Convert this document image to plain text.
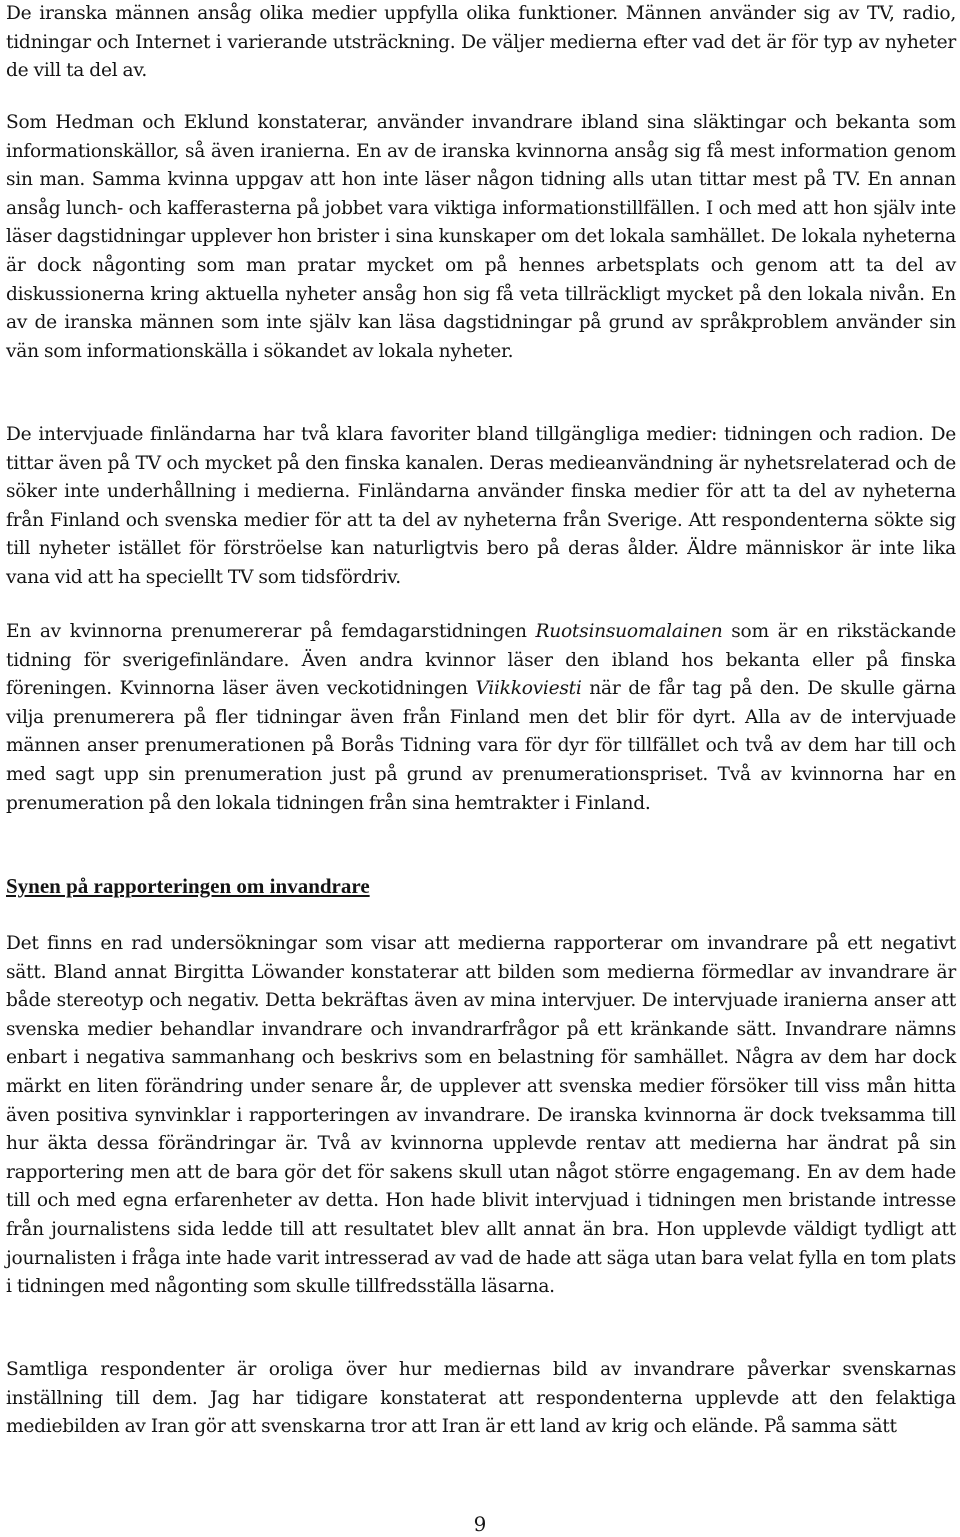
De iranska männen ansåg olika medier uppfylla olika funktioner. Männen använder sig av TV, radio, tidningar och Internet i varierande utsträckning. De väljer medierna efter vad det är för typ av nyheter de vill ta del av.

Som Hedman och Eklund konstaterar, använder invandrare ibland sina släktingar och bekanta som informationskällor, så även iranierna. En av de iranska kvinnorna ansåg sig få mest information genom sin man. Samma kvinna uppgav att hon inte läser någon tidning alls utan tittar mest på TV. En annan ansåg lunch- och kafferasterna på jobbet vara viktiga informationstillfällen. I och med att hon själv inte läser dagstidningar upplever hon brister i sina kunskaper om det lokala samhället. De lokala nyheterna är dock någonting som man pratar mycket om på hennes arbetsplats och genom att ta del av diskussionerna kring aktuella nyheter ansåg hon sig få veta tillräckligt mycket på den lokala nivån. En av de iranska männen som inte själv kan läsa dagstidningar på grund av språkproblem använder sin vän som informationskälla i sökandet av lokala nyheter.

De intervjuade finländarna har två klara favoriter bland tillgängliga medier: tidningen och radion. De tittar även på TV och mycket på den finska kanalen. Deras medieanvändning är nyhetsrelaterad och de söker inte underhållning i medierna. Finländarna använder finska medier för att ta del av nyheterna från Finland och svenska medier för att ta del av nyheterna från Sverige. Att respondenterna sökte sig till nyheter istället för förströelse kan naturligtvis bero på deras ålder. Äldre människor är inte lika vana vid att ha speciellt TV som tidsfördriv.

En av kvinnorna prenumererar på femdagarstidningen Ruotsinsuomalainen som är en rikstäckande tidning för sverigefinländare. Även andra kvinnor läser den ibland hos bekanta eller på finska föreningen. Kvinnorna läser även veckotidningen Viikkoviesti när de får tag på den. De skulle gärna vilja prenumerera på fler tidningar även från Finland men det blir för dyrt. Alla av de intervjuade männen anser prenumerationen på Borås Tidning vara för dyr för tillfället och två av dem har till och med sagt upp sin prenumeration just på grund av prenumerationspriset. Två av kvinnorna har en prenumeration på den lokala tidningen från sina hemtrakter i Finland.

Synen på rapporteringen om invandrare

Det finns en rad undersökningar som visar att medierna rapporterar om invandrare på ett negativt sätt. Bland annat Birgitta Löwander konstaterar att bilden som medierna förmedlar av invandrare är både stereotyp och negativ. Detta bekräftas även av mina intervjuer. De intervjuade iranierna anser att svenska medier behandlar invandrare och invandrarfrågor på ett kränkande sätt. Invandrare nämns enbart i negativa sammanhang och beskrivs som en belastning för samhället. Några av dem har dock märkt en liten förändring under senare år, de upplever att svenska medier försöker till viss mån hitta även positiva synvinklar i rapporteringen av invandrare. De iranska kvinnorna är dock tveksamma till hur äkta dessa förändringar är. Två av kvinnorna upplevde rentav att medierna har ändrat på sin rapportering men att de bara gör det för sakens skull utan något större engagemang. En av dem hade till och med egna erfarenheter av detta. Hon hade blivit intervjuad i tidningen men bristande intresse från journalistens sida ledde till att resultatet blev allt annat än bra. Hon upplevde väldigt tydligt att journalisten i fråga inte hade varit intresserad av vad de hade att säga utan bara velat fylla en tom plats i tidningen med någonting som skulle tillfredsställa läsarna.

Samtliga respondenter är oroliga över hur mediernas bild av invandrare påverkar svenskarnas inställning till dem. Jag har tidigare konstaterat att respondenterna upplevde att den felaktiga mediebilden av Iran gör att svenskarna tror att Iran är ett land av krig och elände. På samma sätt

9
